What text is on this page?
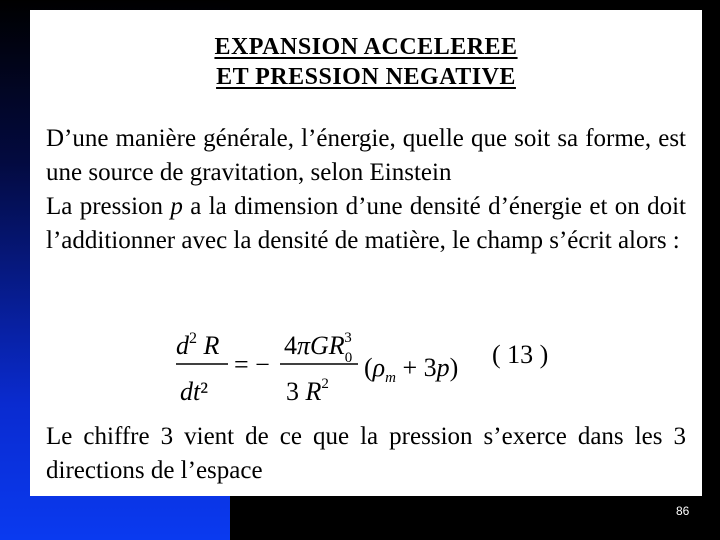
EXPANSION ACCELEREE
ET PRESSION NEGATIVE
D’une manière générale, l’énergie, quelle que soit sa forme, est une source de gravitation, selon Einstein
La pression p a la dimension d’une densité d’énergie et on doit l’additionner avec la densité de matière, le champ s’écrit alors :
$d^2$ R
dt²
= −
4πGR$_0$3
3 $R^2$
$(\rho_m + 3p)$ ( 13 )
Le chiffre 3 vient de ce que la pression s’exerce dans les 3 directions de l’espace
86
